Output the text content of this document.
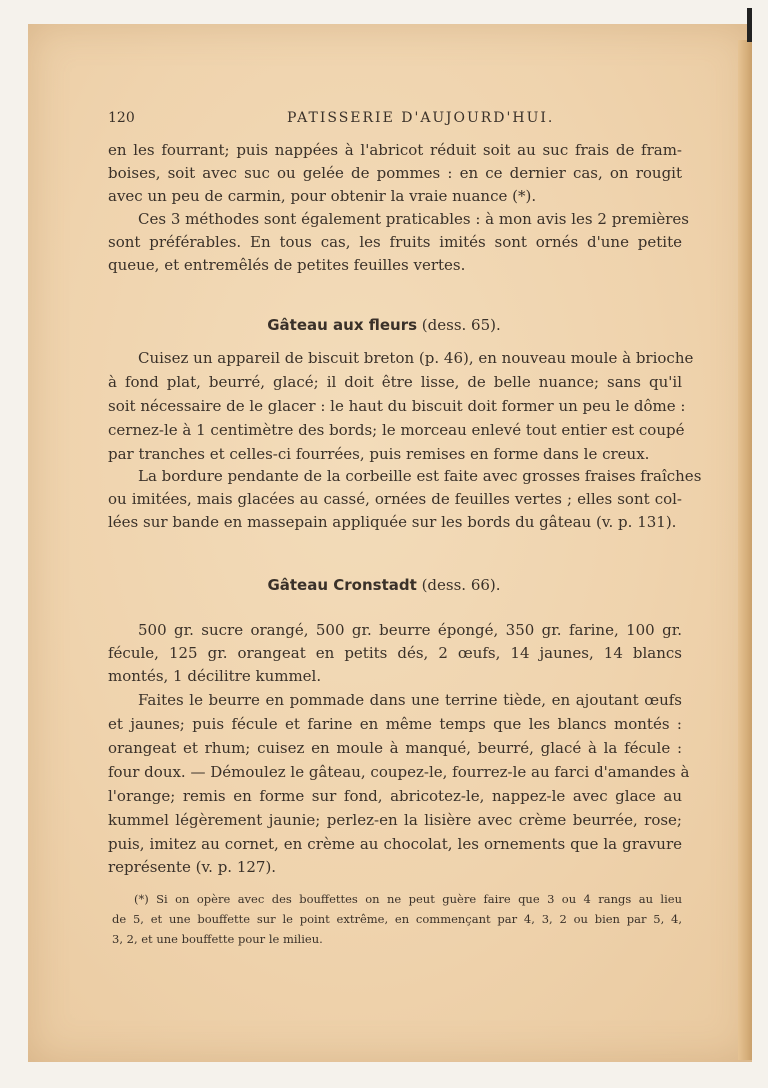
120	PATISSERIE D'AUJOURD'HUI.
en les fourrant; puis nappées à l'abricot réduit soit au suc frais de fram-
boises, soit avec suc ou gelée de pommes : en ce dernier cas, on rougit
avec un peu de carmin, pour obtenir la vraie nuance (*).
Ces 3 méthodes sont également praticables : à mon avis les 2 premières
sont préférables. En tous cas, les fruits imités sont ornés d'une petite
queue, et entremêlés de petites feuilles vertes.
Gâteau aux fleurs (dess. 65).
Cuisez un appareil de biscuit breton (p. 46), en nouveau moule à brioche
à fond plat, beurré, glacé; il doit être lisse, de belle nuance; sans qu'il
soit nécessaire de le glacer : le haut du biscuit doit former un peu le dôme :
cernez-le à 1 centimètre des bords; le morceau enlevé tout entier est coupé
par tranches et celles-ci fourrées, puis remises en forme dans le creux.
La bordure pendante de la corbeille est faite avec grosses fraises fraîches
ou imitées, mais glacées au cassé, ornées de feuilles vertes ; elles sont col-
lées sur bande en massepain appliquée sur les bords du gâteau (v. p. 131).
Gâteau Cronstadt (dess. 66).
500 gr. sucre orangé, 500 gr. beurre épongé, 350 gr. farine, 100 gr.
fécule, 125 gr. orangeat en petits dés, 2 œufs, 14 jaunes, 14 blancs
montés, 1 décilitre kummel.
Faites le beurre en pommade dans une terrine tiède, en ajoutant œufs
et jaunes; puis fécule et farine en même temps que les blancs montés :
orangeat et rhum; cuisez en moule à manqué, beurré, glacé à la fécule :
four doux. — Démoulez le gâteau, coupez-le, fourrez-le au farci d'amandes à
l'orange; remis en forme sur fond, abricotez-le, nappez-le avec glace au
kummel légèrement jaunie; perlez-en la lisière avec crème beurrée, rose;
puis, imitez au cornet, en crème au chocolat, les ornements que la gravure
représente (v. p. 127).
(*) Si on opère avec des bouffettes on ne peut guère faire que 3 ou 4 rangs au lieu
de 5, et une bouffette sur le point extrême, en commençant par 4, 3, 2 ou bien par 5, 4,
3, 2, et une bouffette pour le milieu.
